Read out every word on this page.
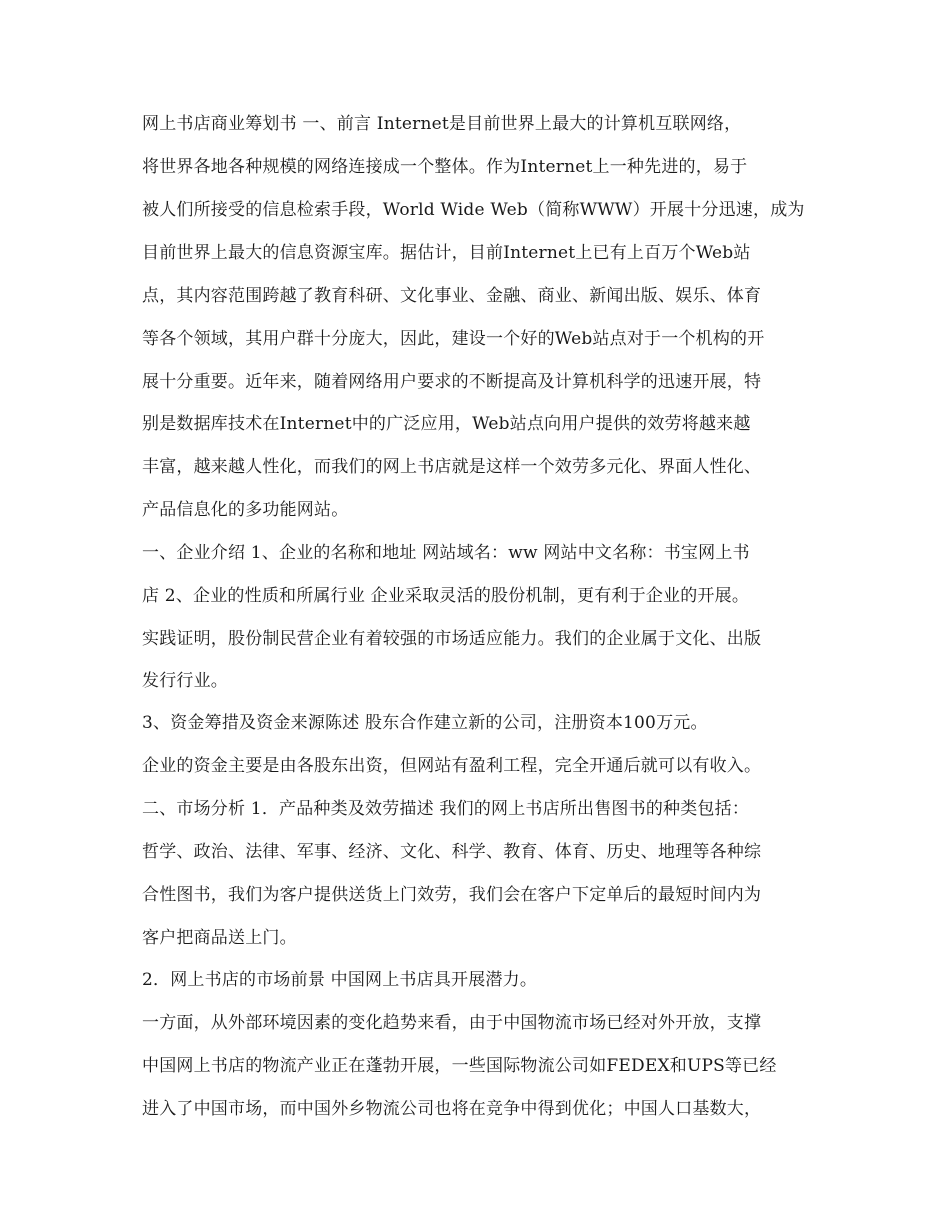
网上书店商业筹划书 一、前言 Internet是目前世界上最大的计算机互联网络，
将世界各地各种规模的网络连接成一个整体。作为Internet上一种先进的，易于
被人们所接受的信息检索手段，World Wide Web（简称WWW）开展十分迅速，成为
目前世界上最大的信息资源宝库。据估计，目前Internet上已有上百万个Web站
点，其内容范围跨越了教育科研、文化事业、金融、商业、新闻出版、娱乐、体育
等各个领域，其用户群十分庞大，因此，建设一个好的Web站点对于一个机构的开
展十分重要。近年来，随着网络用户要求的不断提高及计算机科学的迅速开展，特
别是数据库技术在Internet中的广泛应用，Web站点向用户提供的效劳将越来越
丰富，越来越人性化，而我们的网上书店就是这样一个效劳多元化、界面人性化、
产品信息化的多功能网站。
一、企业介绍 1、企业的名称和地址 网站域名：ww 网站中文名称：书宝网上书
店 2、企业的性质和所属行业 企业采取灵活的股份机制，更有利于企业的开展。
实践证明，股份制民营企业有着较强的市场适应能力。我们的企业属于文化、出版
发行行业。
3、资金筹措及资金来源陈述 股东合作建立新的公司，注册资本100万元。
企业的资金主要是由各股东出资，但网站有盈利工程，完全开通后就可以有收入。
二、市场分析 1．产品种类及效劳描述 我们的网上书店所出售图书的种类包括：
哲学、政治、法律、军事、经济、文化、科学、教育、体育、历史、地理等各种综
合性图书，我们为客户提供送货上门效劳，我们会在客户下定单后的最短时间内为
客户把商品送上门。
2．网上书店的市场前景 中国网上书店具开展潜力。
一方面，从外部环境因素的变化趋势来看，由于中国物流市场已经对外开放，支撑
中国网上书店的物流产业正在蓬勃开展，一些国际物流公司如FEDEX和UPS等已经
进入了中国市场，而中国外乡物流公司也将在竞争中得到优化；中国人口基数大，
